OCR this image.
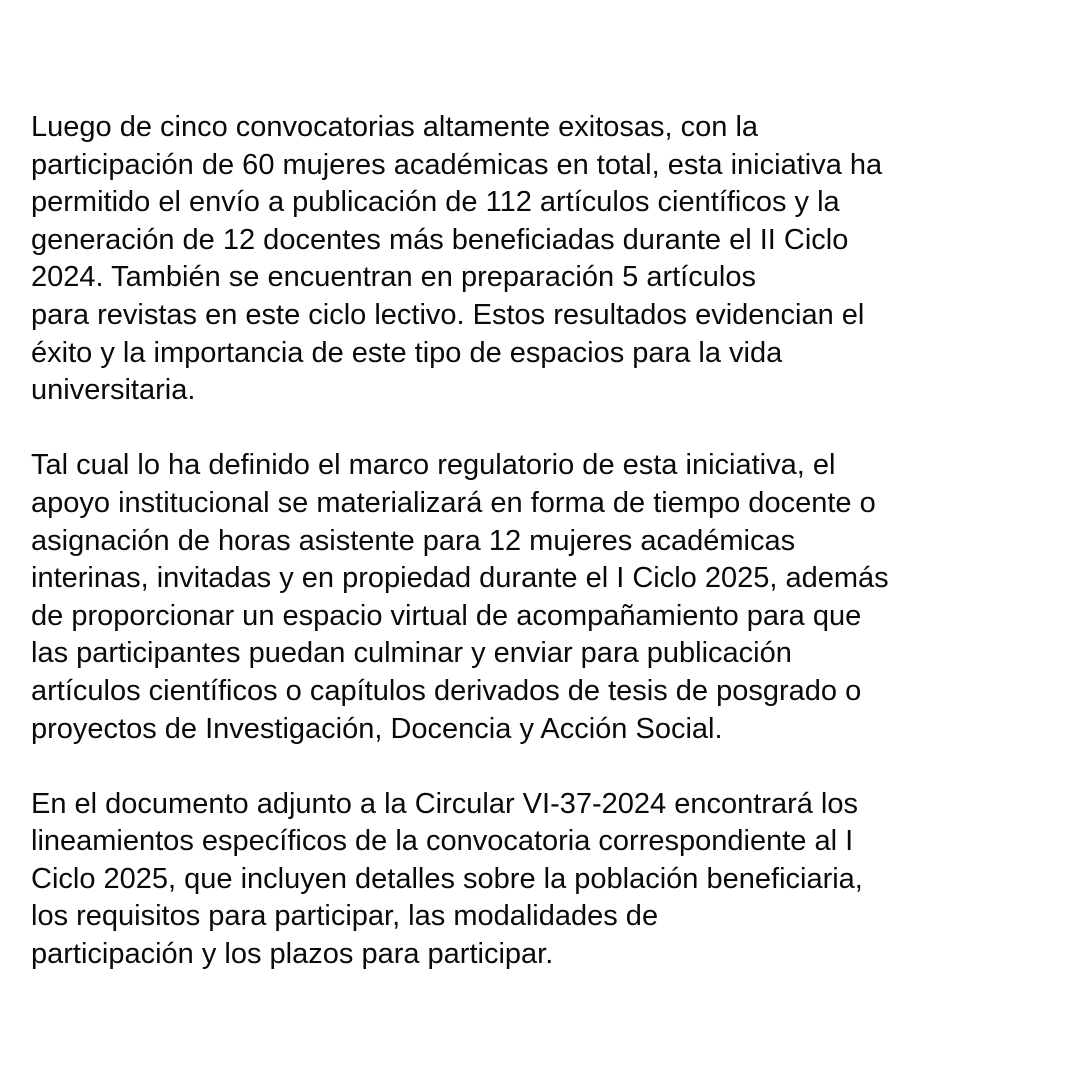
Luego de cinco convocatorias altamente exitosas, con la
participación de 60 mujeres académicas en total, esta iniciativa ha
permitido el envío a publicación de 112 artículos científicos y la
generación de 12 docentes más beneficiadas durante el II Ciclo
2024. También se encuentran en preparación 5 artículos
para revistas en este ciclo lectivo. Estos resultados evidencian el
éxito y la importancia de este tipo de espacios para la vida
universitaria.

Tal cual lo ha definido el marco regulatorio de esta iniciativa, el
apoyo institucional se materializará en forma de tiempo docente o
asignación de horas asistente para 12 mujeres académicas
interinas, invitadas y en propiedad durante el I Ciclo 2025, además
de proporcionar un espacio virtual de acompañamiento para que
las participantes puedan culminar y enviar para publicación
artículos científicos o capítulos derivados de tesis de posgrado o
proyectos de Investigación, Docencia y Acción Social.

En el documento adjunto a la Circular VI-37-2024 encontrará los
lineamientos específicos de la convocatoria correspondiente al I
Ciclo 2025, que incluyen detalles sobre la población beneficiaria,
los requisitos para participar, las modalidades de
participación y los plazos para participar.
